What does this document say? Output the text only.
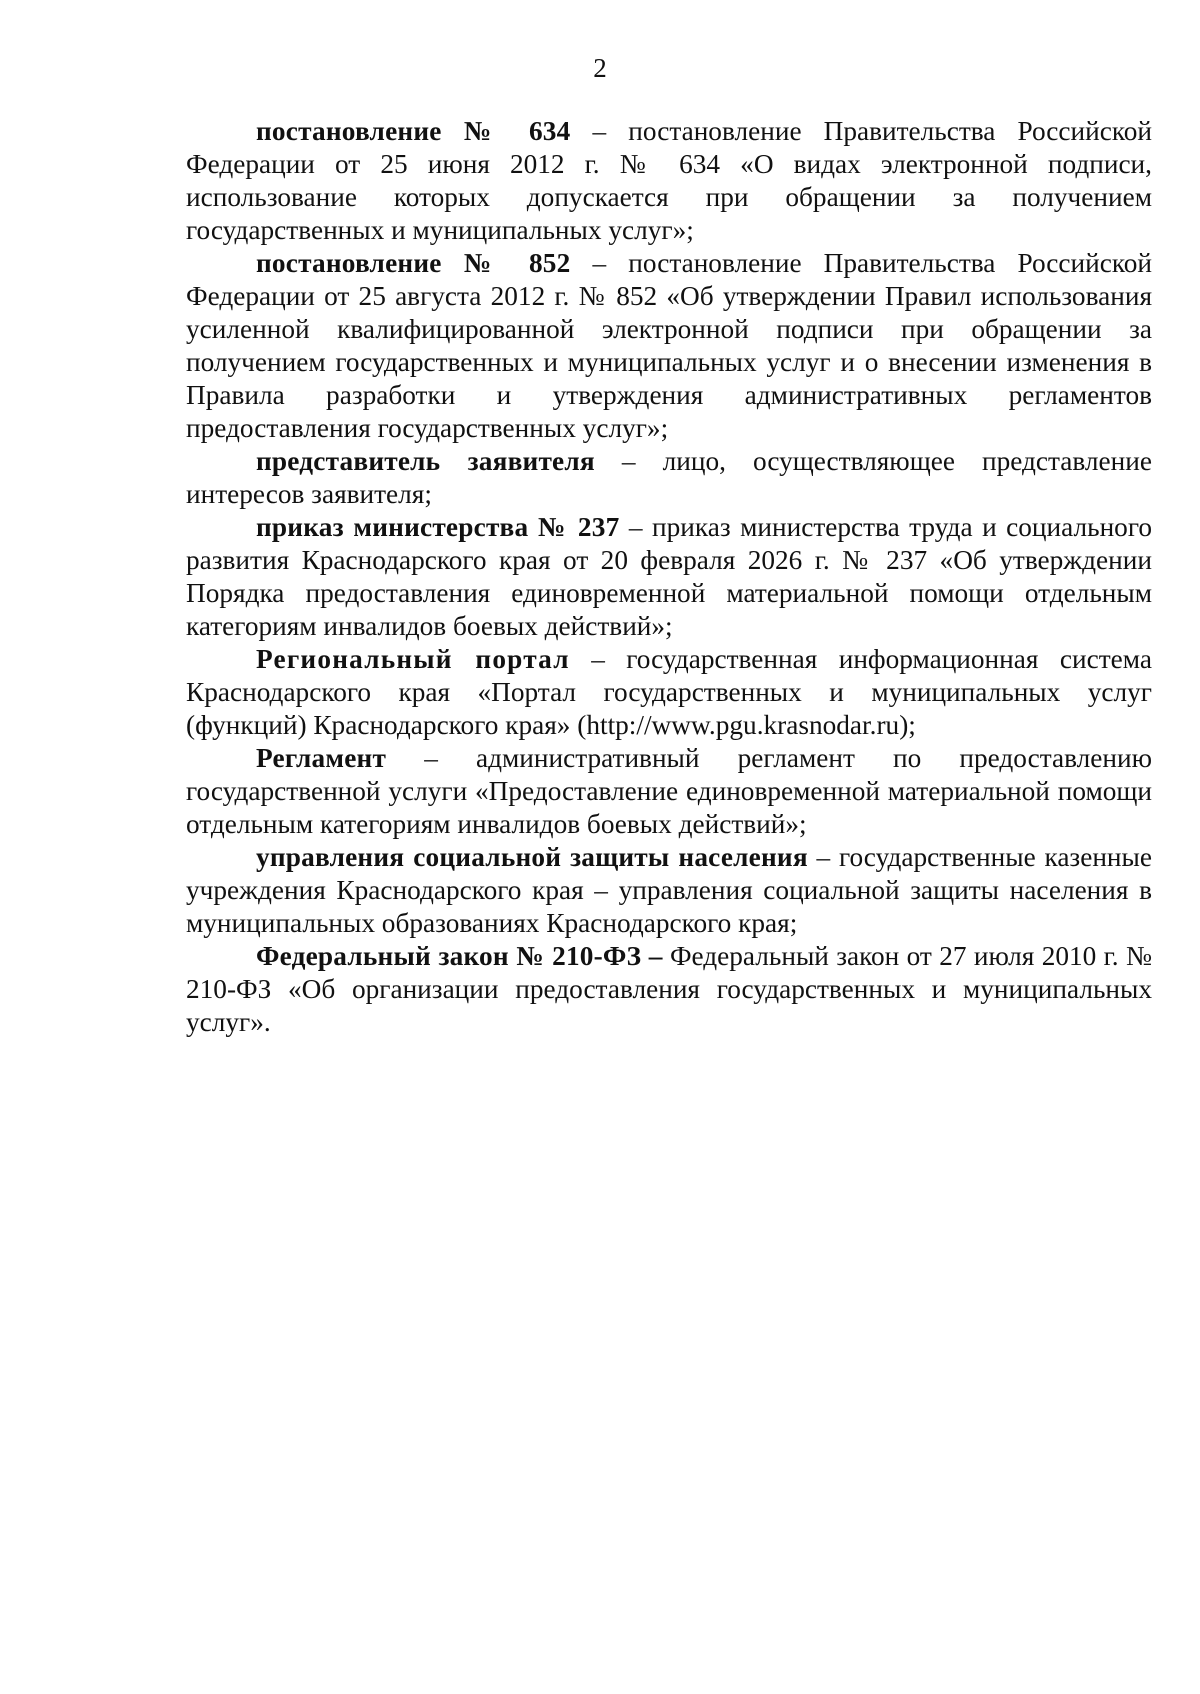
2

постановление № 634 – постановление Правительства Российской Федерации от 25 июня 2012 г. № 634 «О видах электронной подписи, использование которых допускается при обращении за получением государственных и муниципальных услуг»;

постановление № 852 – постановление Правительства Российской Федерации от 25 августа 2012 г. № 852 «Об утверждении Правил использования усиленной квалифицированной электронной подписи при обращении за получением государственных и муниципальных услуг и о внесении изменения в Правила разработки и утверждения административных регламентов предоставления государственных услуг»;

представитель заявителя – лицо, осуществляющее представление интересов заявителя;

приказ министерства № 237 – приказ министерства труда и социального развития Краснодарского края от 20 февраля 2026 г. № 237 «Об утверждении Порядка предоставления единовременной материальной помощи отдельным категориям инвалидов боевых действий»;

Региональный портал – государственная информационная система Краснодарского края «Портал государственных и муниципальных услуг (функций) Краснодарского края» (http://www.pgu.krasnodar.ru);

Регламент – административный регламент по предоставлению государственной услуги «Предоставление единовременной материальной помощи отдельным категориям инвалидов боевых действий»;

управления социальной защиты населения – государственные казенные учреждения Краснодарского края – управления социальной защиты населения в муниципальных образованиях Краснодарского края;

Федеральный закон № 210-ФЗ – Федеральный закон от 27 июля 2010 г. № 210-ФЗ «Об организации предоставления государственных и муниципальных услуг».
